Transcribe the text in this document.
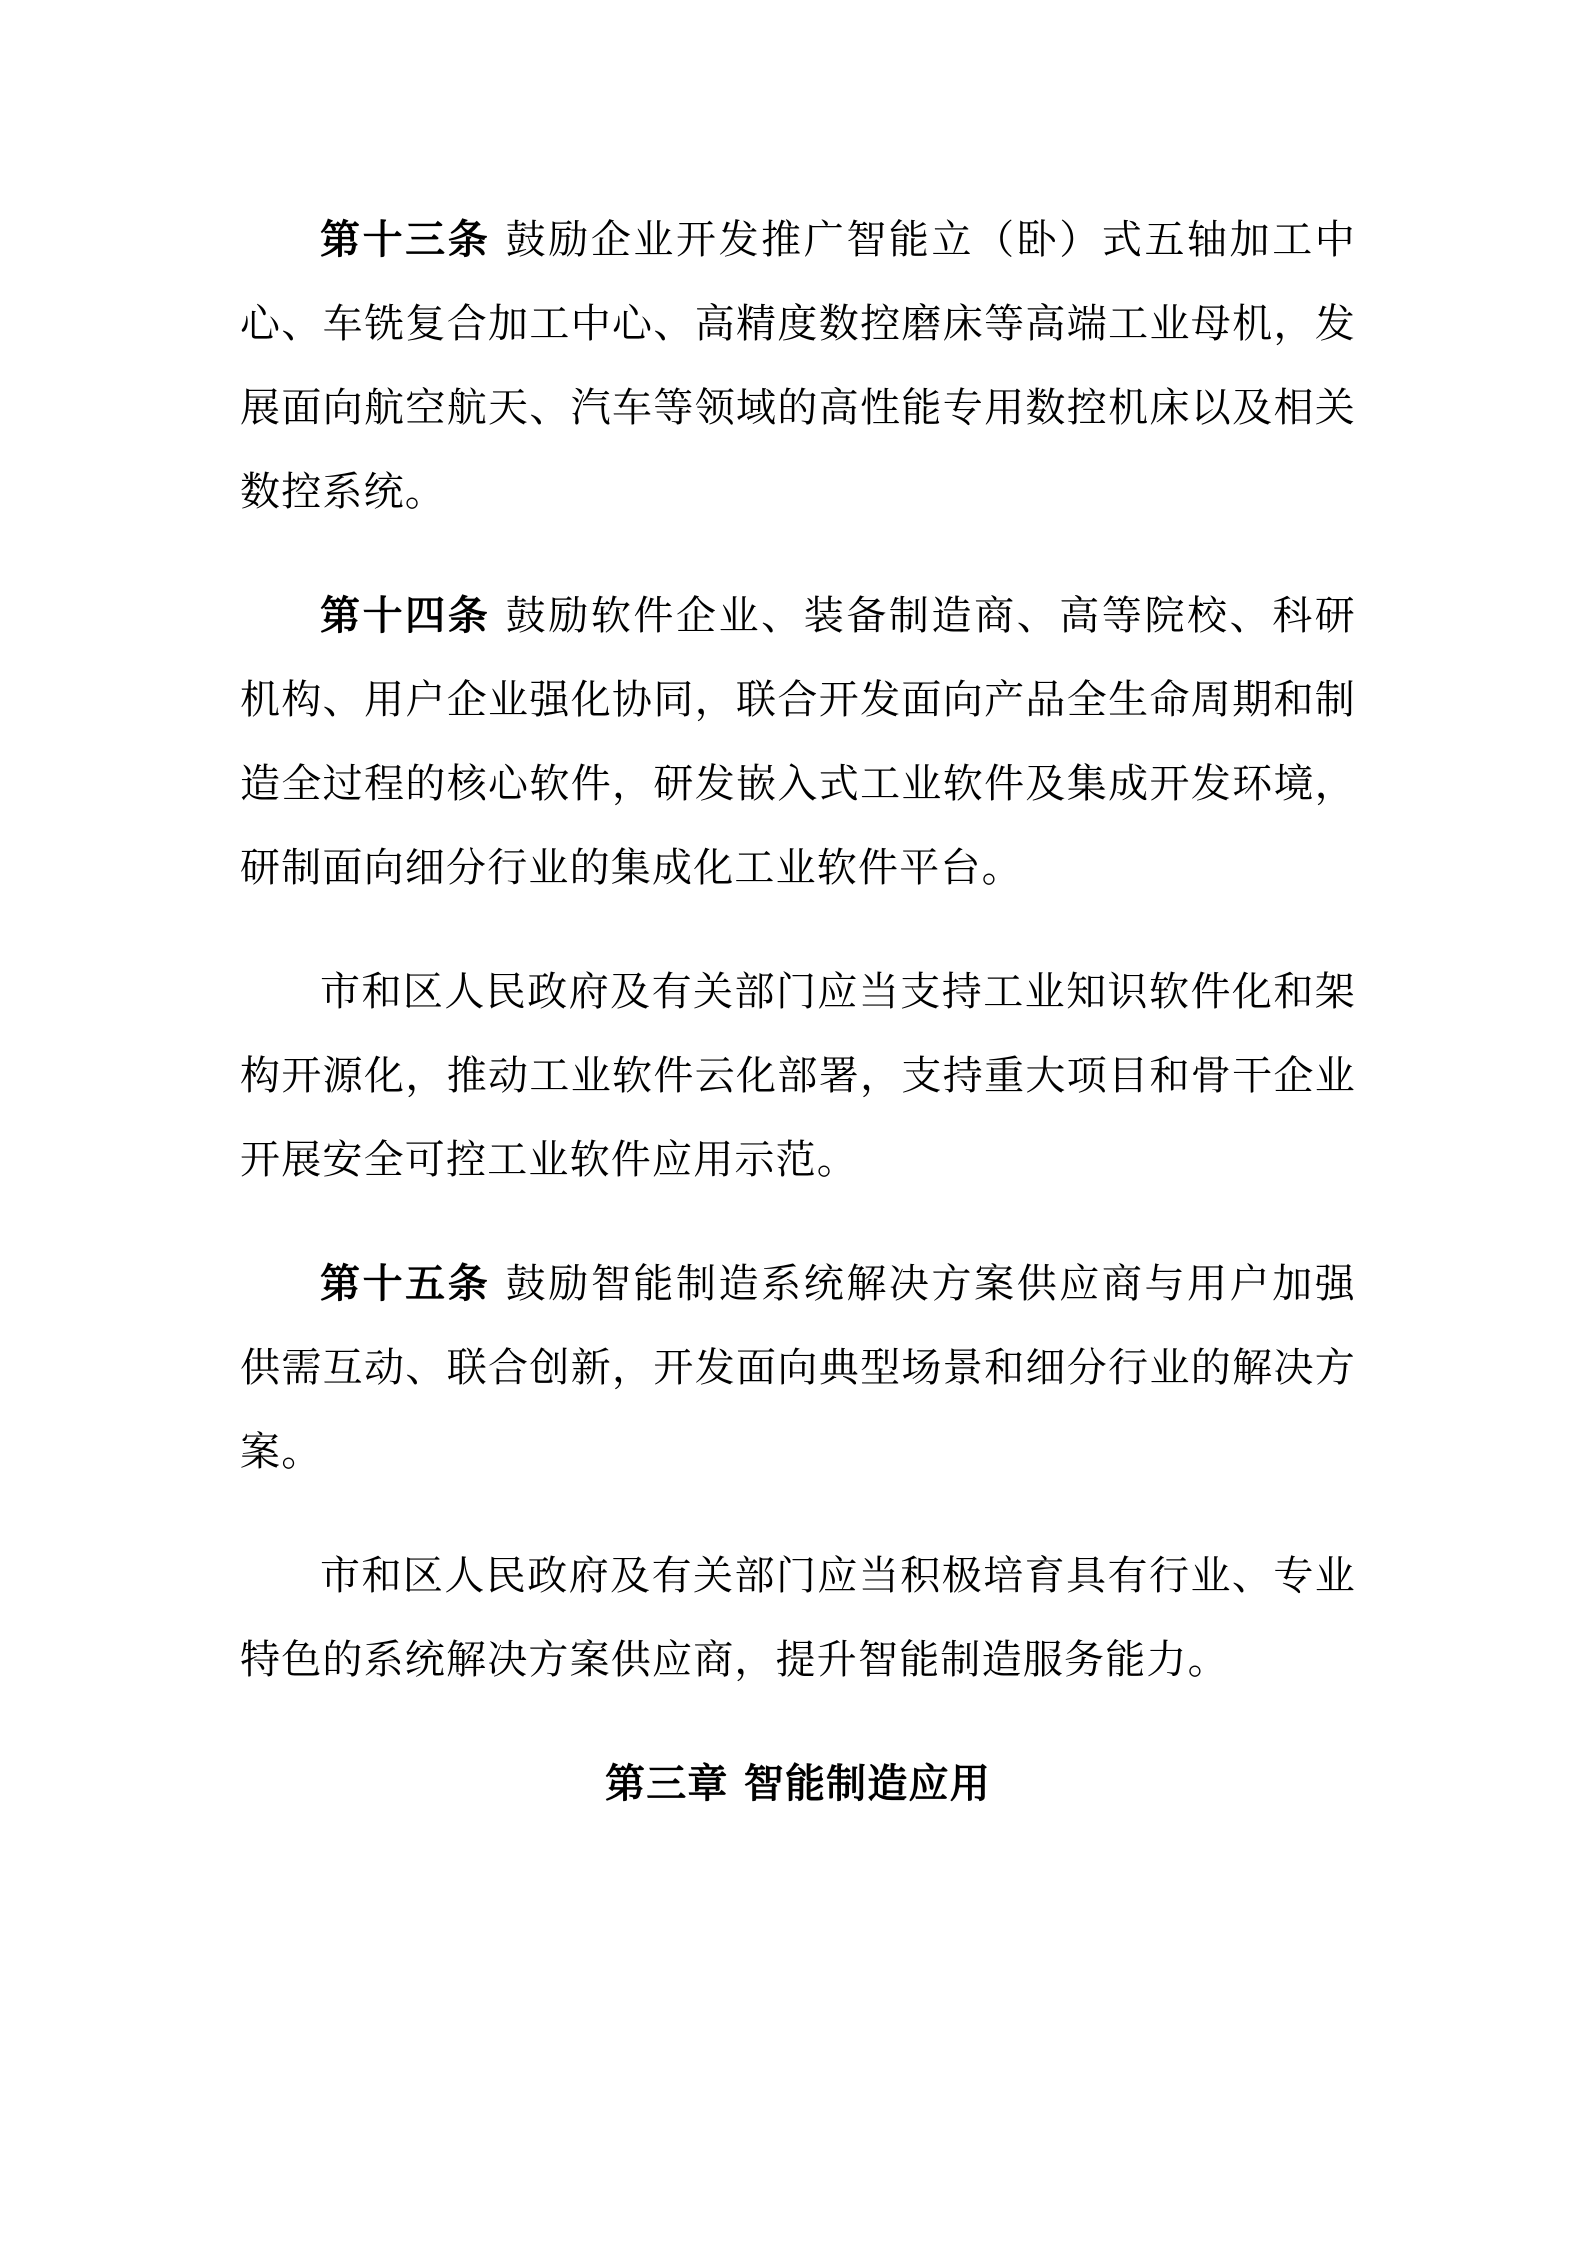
第十三条 鼓励企业开发推广智能立（卧）式五轴加工中心、车铣复合加工中心、高精度数控磨床等高端工业母机，发展面向航空航天、汽车等领域的高性能专用数控机床以及相关数控系统。

第十四条 鼓励软件企业、装备制造商、高等院校、科研机构、用户企业强化协同，联合开发面向产品全生命周期和制造全过程的核心软件，研发嵌入式工业软件及集成开发环境，研制面向细分行业的集成化工业软件平台。

市和区人民政府及有关部门应当支持工业知识软件化和架构开源化，推动工业软件云化部署，支持重大项目和骨干企业开展安全可控工业软件应用示范。

第十五条 鼓励智能制造系统解决方案供应商与用户加强供需互动、联合创新，开发面向典型场景和细分行业的解决方案。

市和区人民政府及有关部门应当积极培育具有行业、专业特色的系统解决方案供应商，提升智能制造服务能力。

第三章 智能制造应用
